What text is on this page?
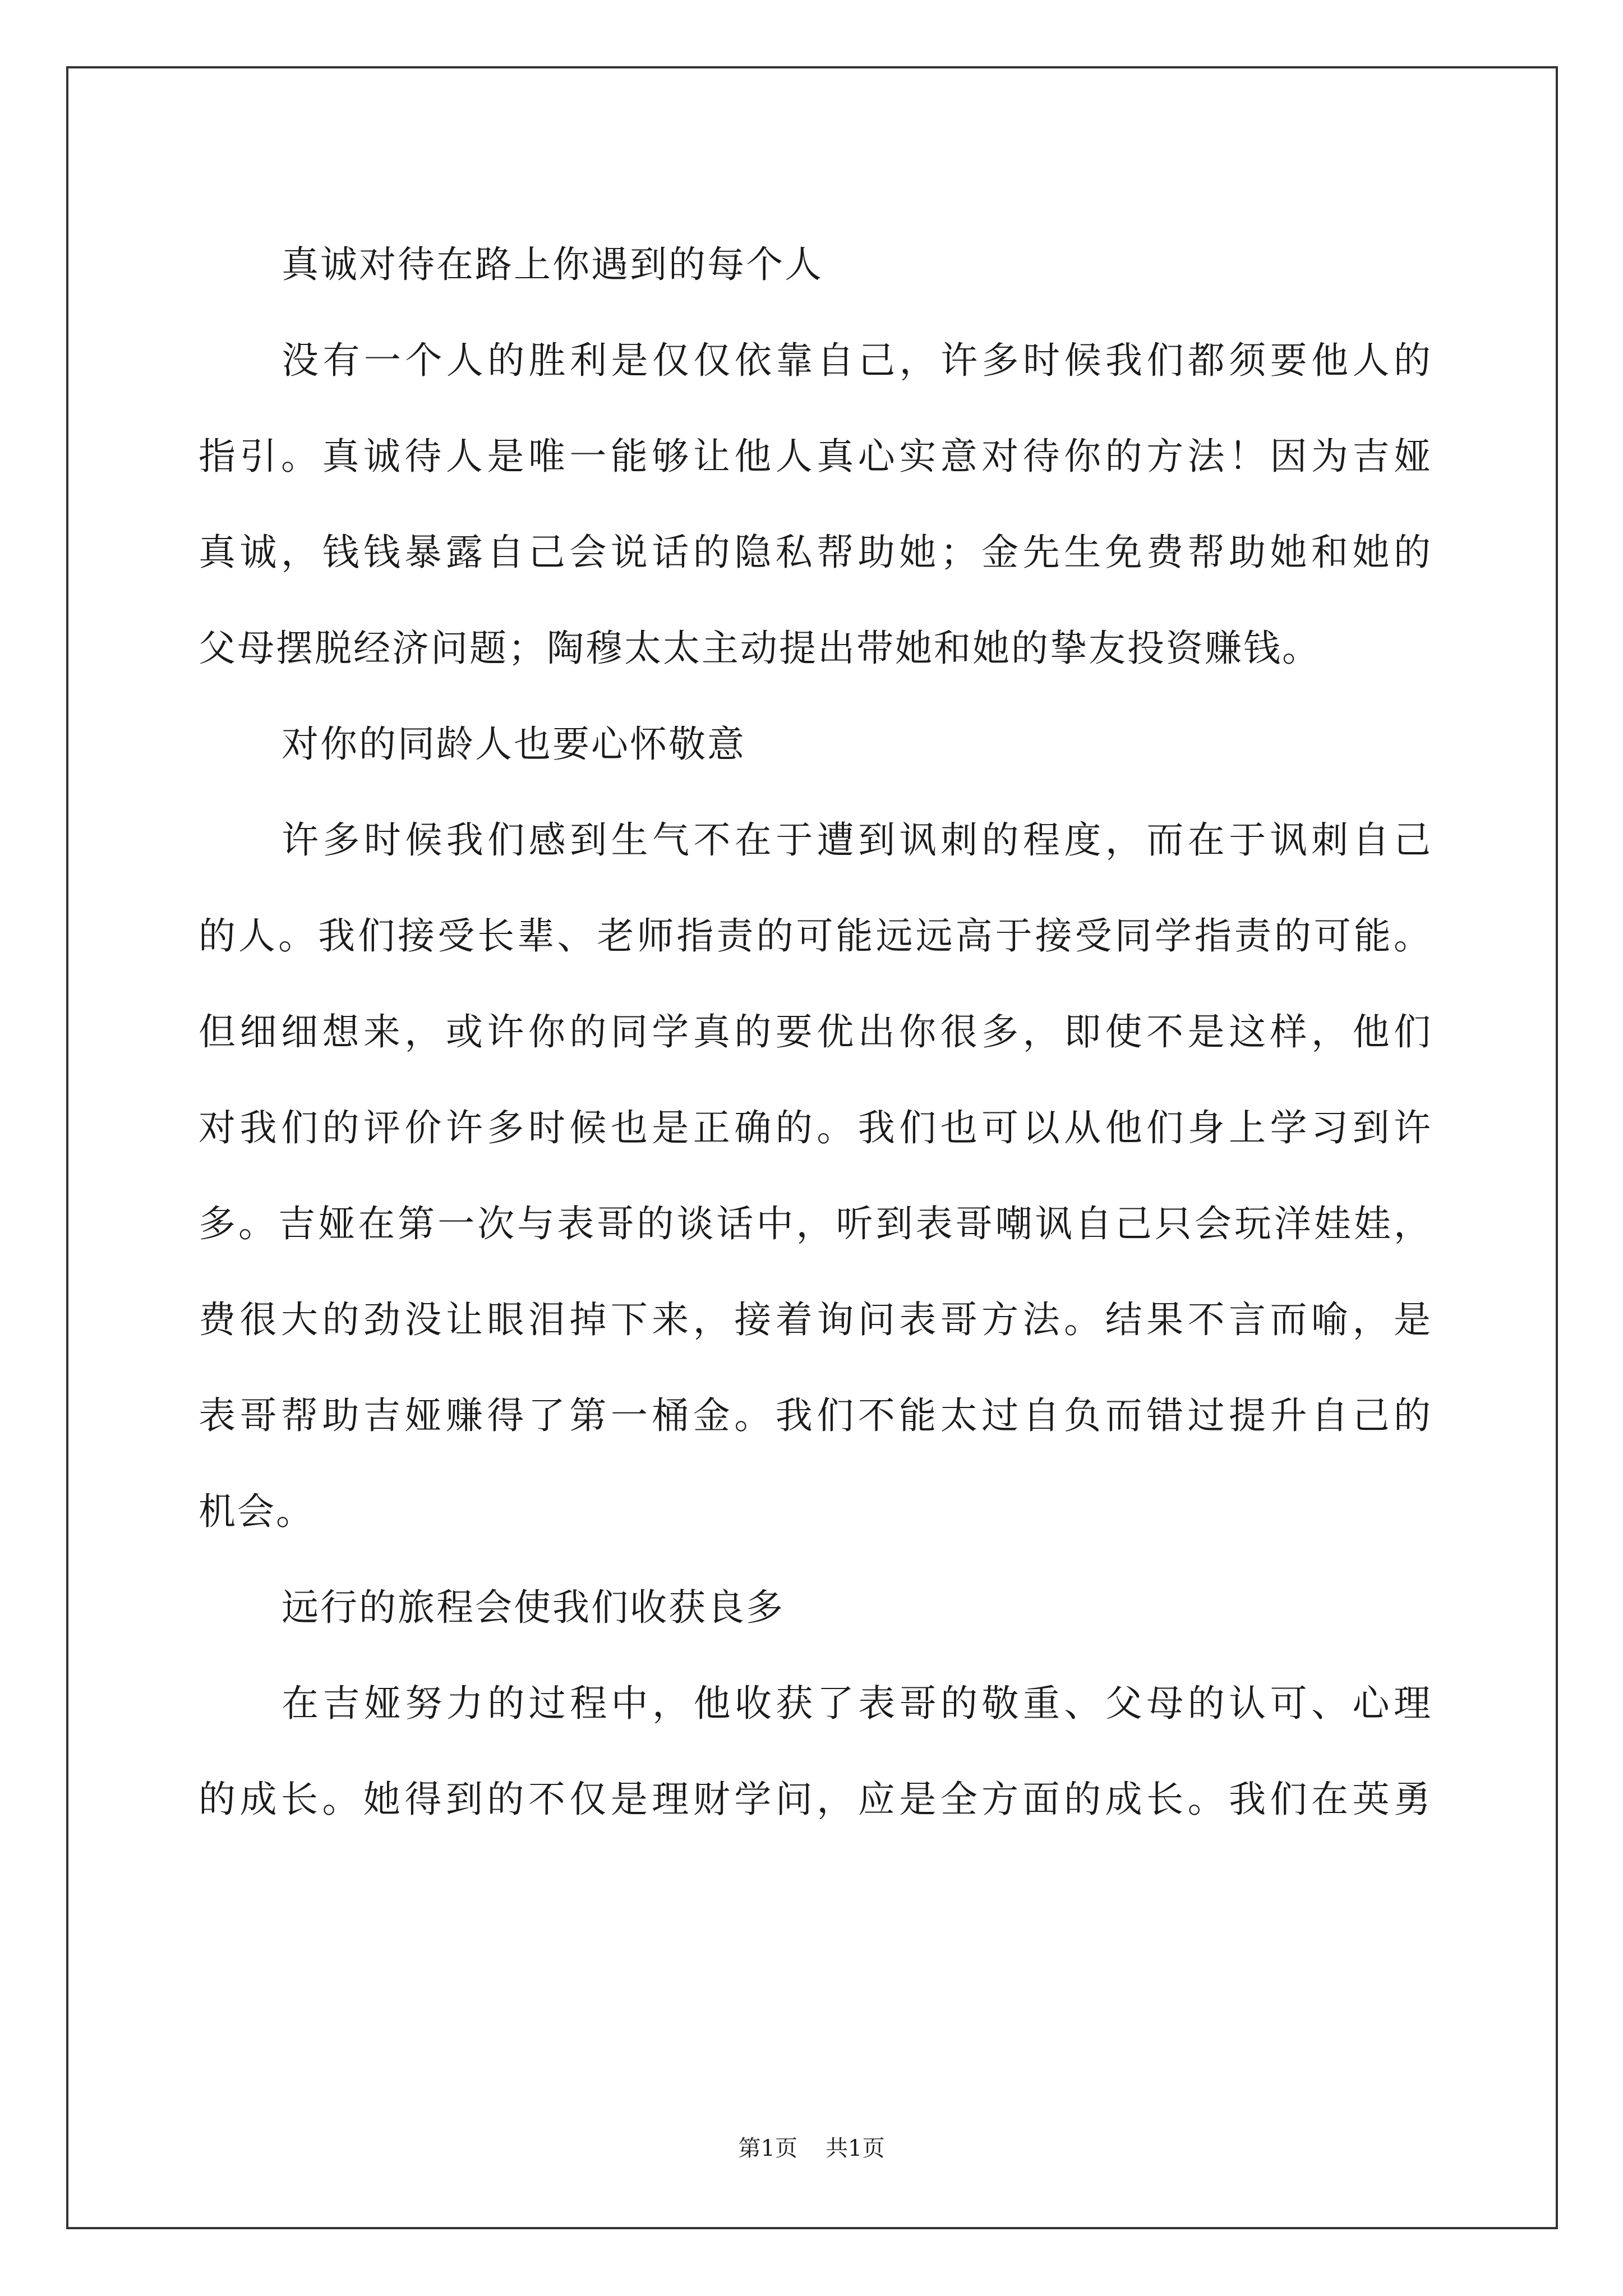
真诚对待在路上你遇到的每个人
没有一个人的胜利是仅仅依靠自己，许多时候我们都须要他人的
指引。真诚待人是唯一能够让他人真心实意对待你的方法！因为吉娅
真诚，钱钱暴露自己会说话的隐私帮助她；金先生免费帮助她和她的
父母摆脱经济问题；陶穆太太主动提出带她和她的挚友投资赚钱。
对你的同龄人也要心怀敬意
许多时候我们感到生气不在于遭到讽刺的程度，而在于讽刺自己
的人。我们接受长辈、老师指责的可能远远高于接受同学指责的可能。
但细细想来，或许你的同学真的要优出你很多，即使不是这样，他们
对我们的评价许多时候也是正确的。我们也可以从他们身上学习到许
多。吉娅在第一次与表哥的谈话中，听到表哥嘲讽自己只会玩洋娃娃，
费很大的劲没让眼泪掉下来，接着询问表哥方法。结果不言而喻，是
表哥帮助吉娅赚得了第一桶金。我们不能太过自负而错过提升自己的
机会。
远行的旅程会使我们收获良多
在吉娅努力的过程中，他收获了表哥的敬重、父母的认可、心理
的成长。她得到的不仅是理财学问，应是全方面的成长。我们在英勇
第1页 共1页
